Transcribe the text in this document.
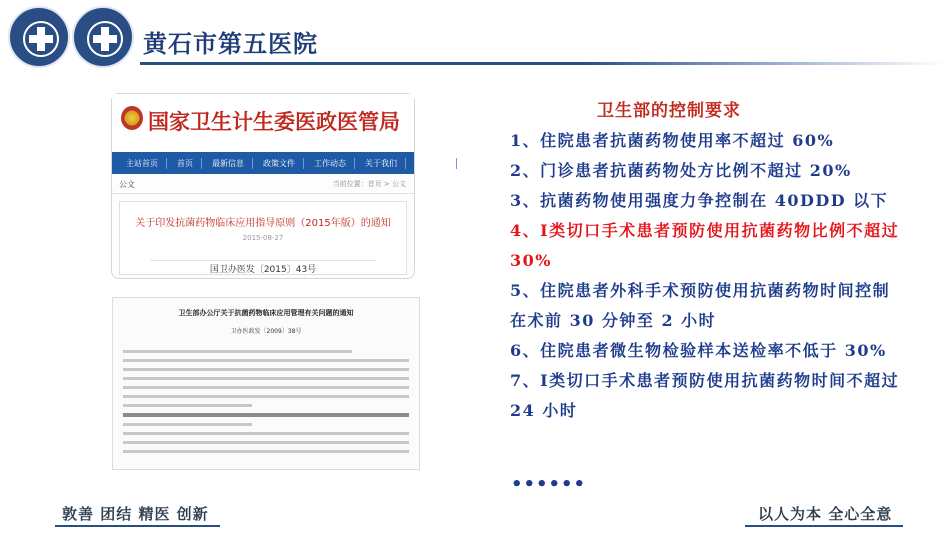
黄石市第五医院
国家卫生计生委医政医管局
主站首页	首页	最新信息	政策文件	工作动态	关于我们	图片集锦
公文	当前位置：首页 > 公文
关于印发抗菌药物临床应用指导原则（2015年版）的通知
2015-08-27
国卫办医发〔2015〕43号
卫生部办公厅关于抗菌药物临床应用管理有关问题的通知
卫办医政发〔2009〕38号
卫生部的控制要求
1、住院患者抗菌药物使用率不超过 60%
2、门诊患者抗菌药物处方比例不超过 20%
3、抗菌药物使用强度力争控制在 40DDD 以下
4、Ⅰ类切口手术患者预防使用抗菌药物比例不超过 30%
5、住院患者外科手术预防使用抗菌药物时间控制在术前 30 分钟至 2 小时
6、住院患者微生物检验样本送检率不低于 30%
7、Ⅰ类切口手术患者预防使用抗菌药物时间不超过 24 小时
••••••
敦善 团结 精医 创新	以人为本 全心全意
